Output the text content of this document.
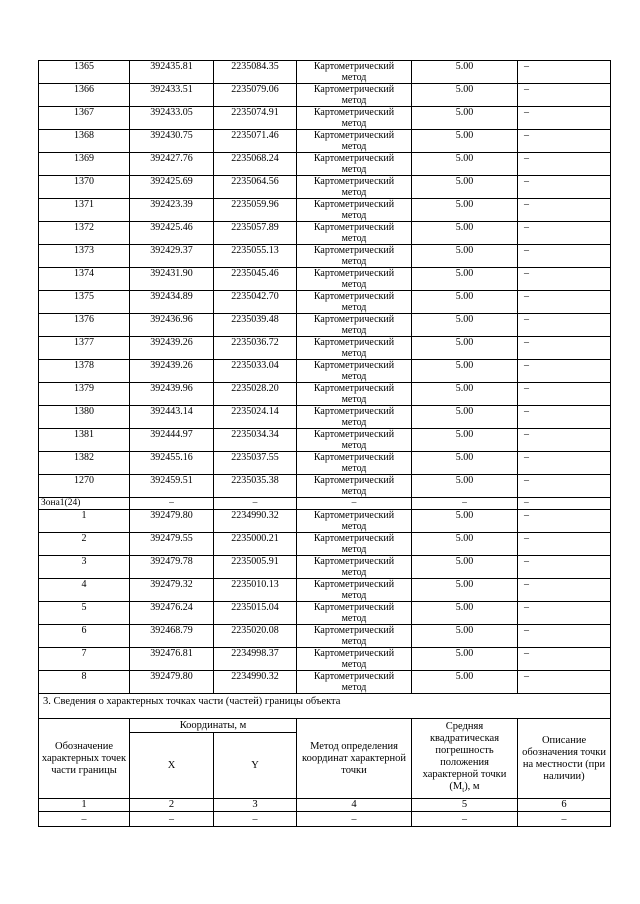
1365	392435.81	2235084.35	Картометрический метод	5.00	–
1366	392433.51	2235079.06	Картометрический метод	5.00	–
1367	392433.05	2235074.91	Картометрический метод	5.00	–
1368	392430.75	2235071.46	Картометрический метод	5.00	–
1369	392427.76	2235068.24	Картометрический метод	5.00	–
1370	392425.69	2235064.56	Картометрический метод	5.00	–
1371	392423.39	2235059.96	Картометрический метод	5.00	–
1372	392425.46	2235057.89	Картометрический метод	5.00	–
1373	392429.37	2235055.13	Картометрический метод	5.00	–
1374	392431.90	2235045.46	Картометрический метод	5.00	–
1375	392434.89	2235042.70	Картометрический метод	5.00	–
1376	392436.96	2235039.48	Картометрический метод	5.00	–
1377	392439.26	2235036.72	Картометрический метод	5.00	–
1378	392439.26	2235033.04	Картометрический метод	5.00	–
1379	392439.96	2235028.20	Картометрический метод	5.00	–
1380	392443.14	2235024.14	Картометрический метод	5.00	–
1381	392444.97	2235034.34	Картометрический метод	5.00	–
1382	392455.16	2235037.55	Картометрический метод	5.00	–
1270	392459.51	2235035.38	Картометрический метод	5.00	–
Зона1(24)	–	–	–	–	–
1	392479.80	2234990.32	Картометрический метод	5.00	–
2	392479.55	2235000.21	Картометрический метод	5.00	–
3	392479.78	2235005.91	Картометрический метод	5.00	–
4	392479.32	2235010.13	Картометрический метод	5.00	–
5	392476.24	2235015.04	Картометрический метод	5.00	–
6	392468.79	2235020.08	Картометрический метод	5.00	–
7	392476.81	2234998.37	Картометрический метод	5.00	–
8	392479.80	2234990.32	Картометрический метод	5.00	–
3. Сведения о характерных точках части (частей) границы объекта					
Обозначение характерных точек части границы	Координаты, м		Метод определения координат характерной точки	Средняя квадратическая погрешность положения характерной точки $(M_t)$, м	Описание обозначения точки на местности (при наличии)
	X	Y			
1	2	3	4	5	6
–	–	–	–	–	–
